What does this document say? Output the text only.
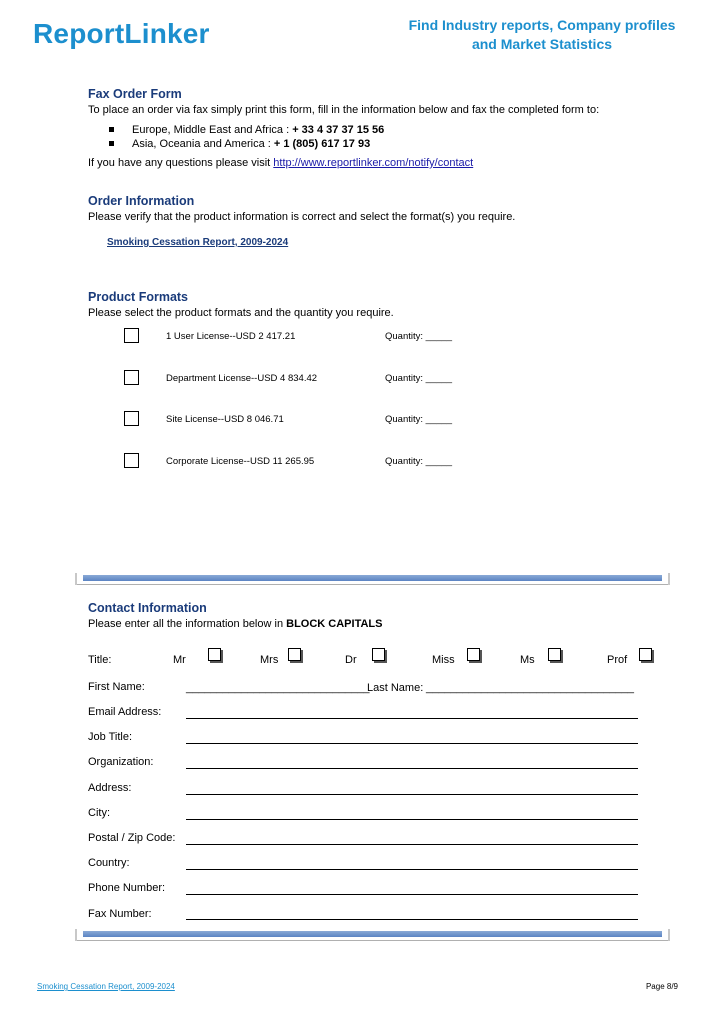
ReportLinker	Find Industry reports, Company profiles
and Market Statistics
Fax Order Form
To place an order via fax simply print this form, fill in the information below and fax the completed form to:
Europe, Middle East and Africa : + 33 4 37 37 15 56
Asia, Oceania and America : + 1 (805) 617 17 93
If you have any questions please visit http://www.reportlinker.com/notify/contact
Order Information
Please verify that the product information is correct and select the format(s) you require.
Smoking Cessation Report, 2009-2024
Product Formats
Please select the product formats and the quantity you require.
1 User License--USD 2 417.21	Quantity: _____
Department License--USD 4 834.42	Quantity: _____
Site License--USD 8 046.71	Quantity: _____
Corporate License--USD 11 265.95	Quantity: _____
Contact Information
Please enter all the information below in BLOCK CAPITALS
Title:	Mr	Mrs	Dr	Miss	Ms	Prof
First Name:	______________________________
Last Name: __________________________________
Email Address:
Job Title:
Organization:
Address:
City:
Postal / Zip Code:
Country:
Phone Number:
Fax Number:
Smoking Cessation Report, 2009-2024	Page 8/9
